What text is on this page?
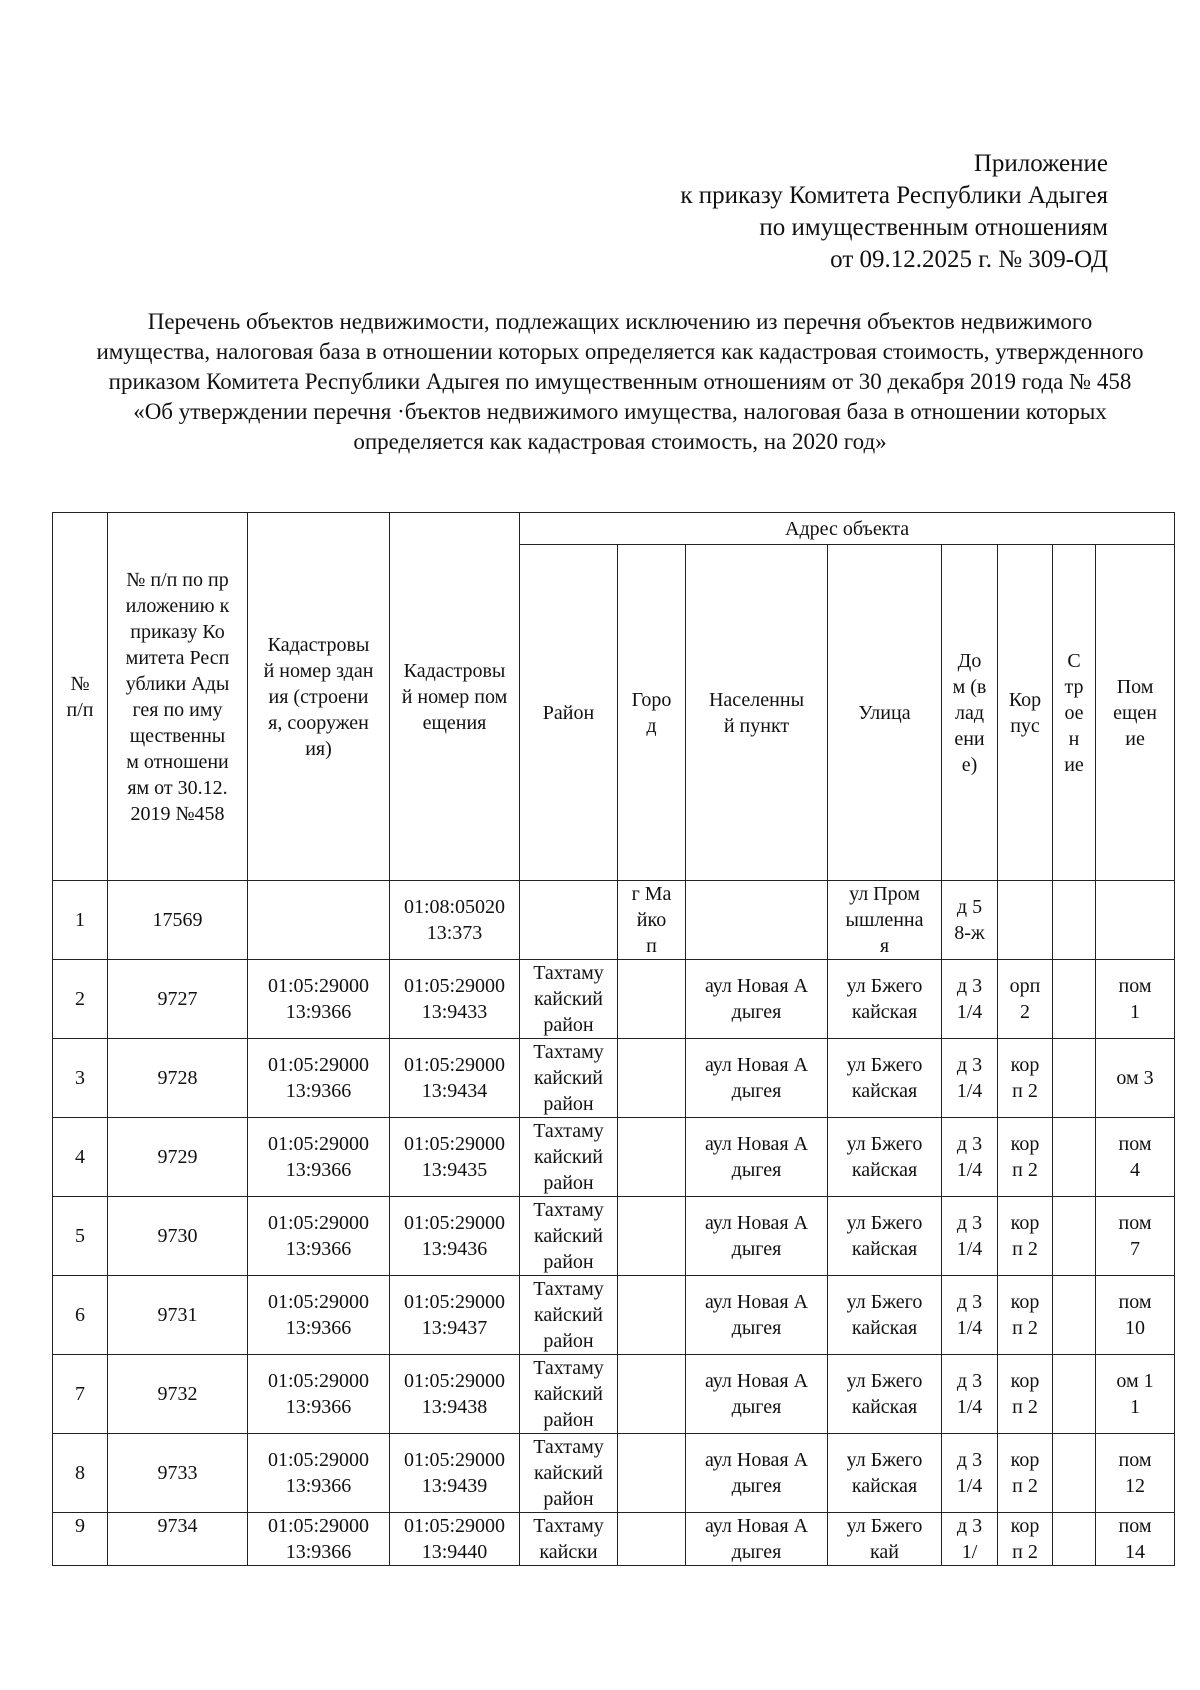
Приложение
к приказу Комитета Республики Адыгея
по имущественным отношениям
от 09.12.2025 г. № 309-ОД
Перечень объектов недвижимости, подлежащих исключению из перечня объектов недвижимого имущества, налоговая база в отношении которых определяется как кадастровая стоимость, утвержденного приказом Комитета Республики Адыгея по имущественным отношениям от 30 декабря 2019 года № 458 «Об утверждении перечня ·бъектов недвижимого имущества, налоговая база в отношении которых определяется как кадастровая стоимость, на 2020 год»
№ п/п	№ п/п по приложению к приказу Комитета Республики Адыгея по имущественным отношениям от 30.12.2019 №458	Кадастровый номер здания (строения, сооружения)	Кадастровый номер помещения	Адрес объекта							

				Район	Город	Населенный пункт	Улица	Дом (владение)	Корпус	Строение	Помещение

1	17569		01:08:0502013:373		г Майкоп		ул Промышленная	д 58-ж			

2	9727	01:05:2900013:9366	01:05:2900013:9433	Тахтамукайский район		аул Новая Адыгея	ул Бжегокайская	д 31/4	орп 2		пом 1

3	9728	01:05:2900013:9366	01:05:2900013:9434	Тахтамукайский район		аул Новая Адыгея	ул Бжегокайская	д 31/4	корп 2		ом 3

4	9729	01:05:2900013:9366	01:05:2900013:9435	Тахтамукайский район		аул Новая Адыгея	ул Бжегокайская	д 31/4	корп 2		пом 4

5	9730	01:05:2900013:9366	01:05:2900013:9436	Тахтамукайский район		аул Новая Адыгея	ул Бжегокайская	д 31/4	корп 2		пом 7

6	9731	01:05:2900013:9366	01:05:2900013:9437	Тахтамукайский район		аул Новая Адыгея	ул Бжегокайская	д 31/4	корп 2		пом 10

7	9732	01:05:2900013:9366	01:05:2900013:9438	Тахтамукайский район		аул Новая Адыгея	ул Бжегокайская	д 31/4	корп 2		ом 11

8	9733	01:05:2900013:9366	01:05:2900013:9439	Тахтамукайский район		аул Новая Адыгея	ул Бжегокайская	д 31/4	корп 2		пом 12

9	9734	01:05:2900013:9366	01:05:2900013:9440	Тахтамукайски		аул Новая Адыгея	ул Бжегокай	д 31/	корп 2		пом 14
